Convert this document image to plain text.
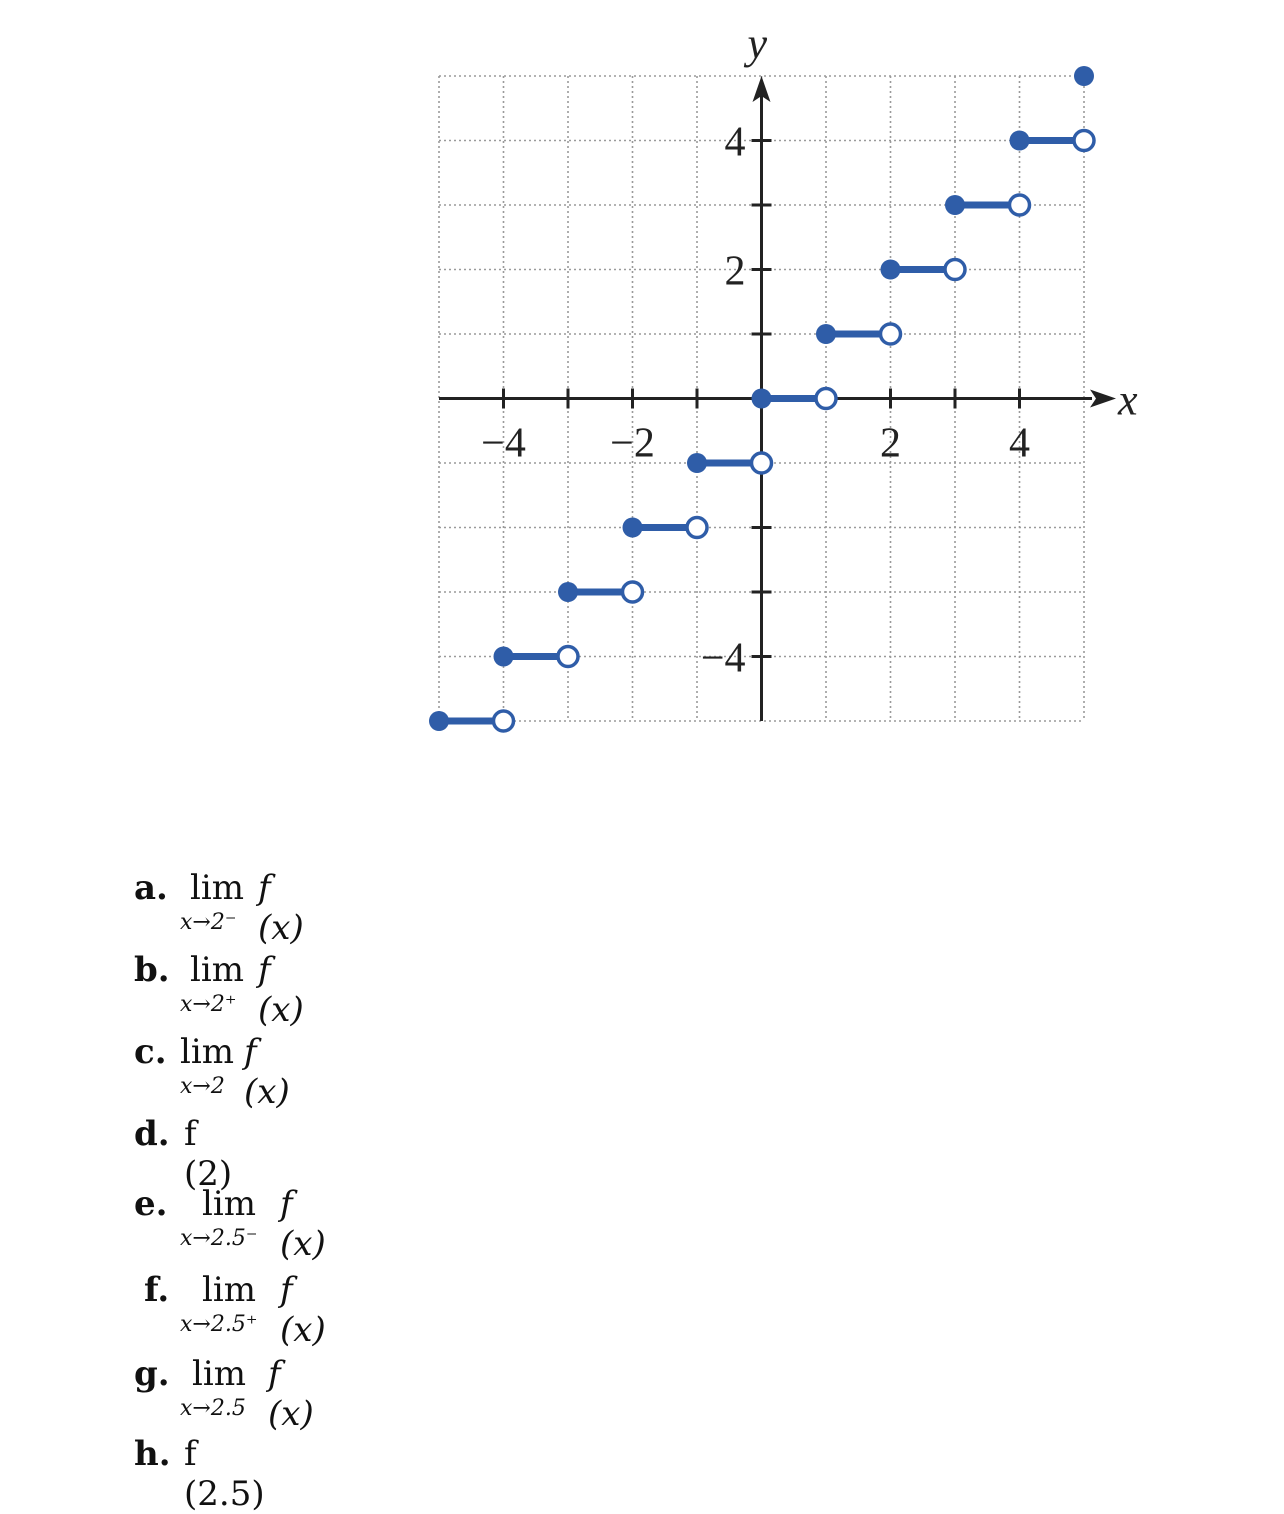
x
y
−4 −2	2	4
4
2
−4
a. lim
x→2⁻
f (x)
b. lim
x→2⁺
f (x)
c. lim
x→2
f (x)
d. f (2)
e. lim
x→2.5⁻
f (x)
f. lim
x→2.5⁺
f (x)
g. lim
x→2.5
f (x)
h. f (2.5)
